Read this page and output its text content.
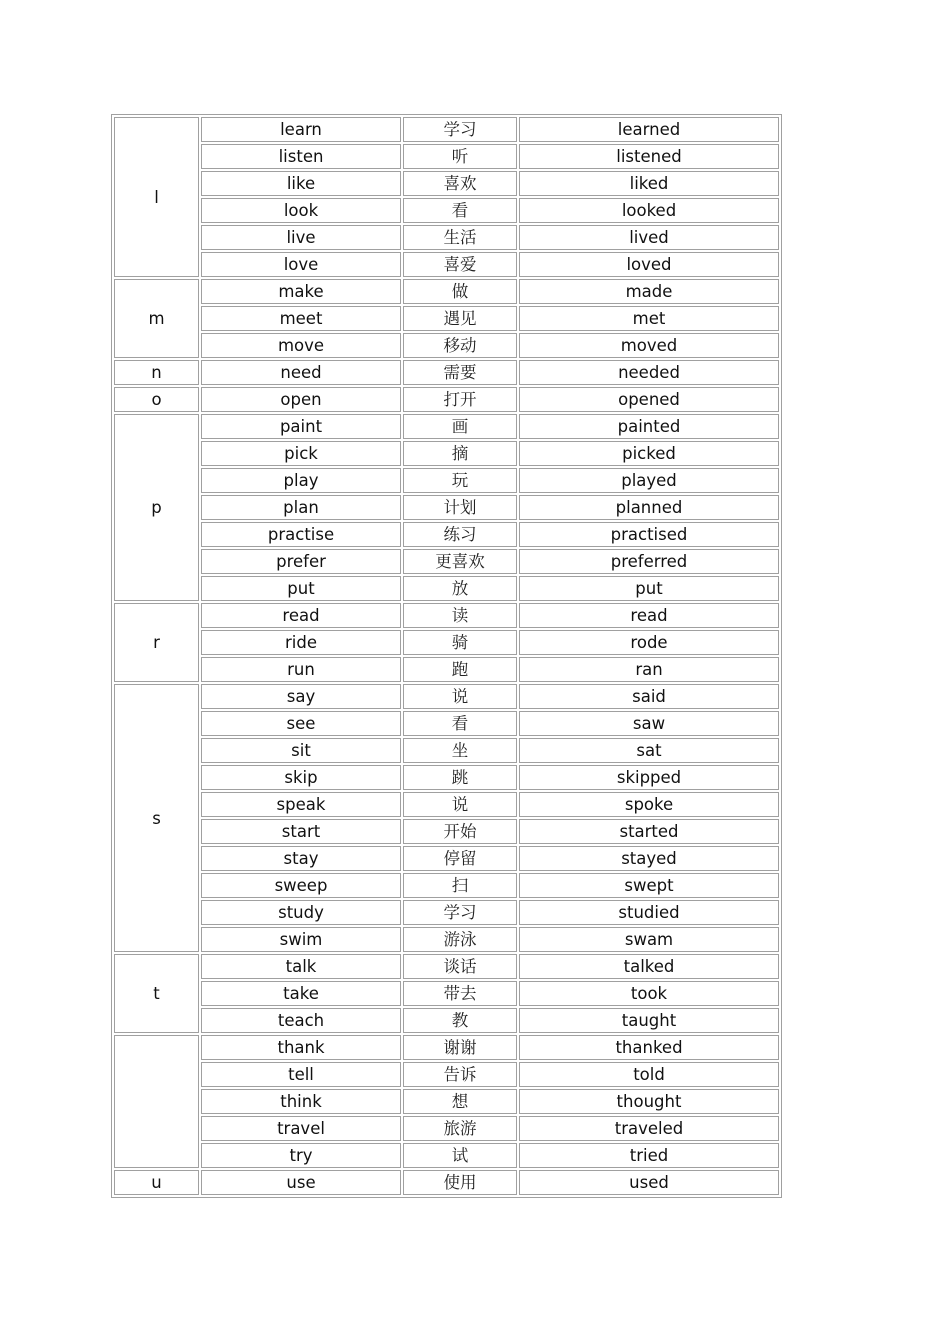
l	learn	学习	learned
	listen	听	listened
	like	喜欢	liked
	look	看	looked
	live	生活	lived
	love	喜爱	loved
m	make	做	made
	meet	遇见	met
	move	移动	moved
n	need	需要	needed
o	open	打开	opened
p	paint	画	painted
	pick	摘	picked
	play	玩	played
	plan	计划	planned
	practise	练习	practised
	prefer	更喜欢	preferred
	put	放	put
r	read	读	read
	ride	骑	rode
	run	跑	ran
s	say	说	said
	see	看	saw
	sit	坐	sat
	skip	跳	skipped
	speak	说	spoke
	start	开始	started
	stay	停留	stayed
	sweep	扫	swept
	study	学习	studied
	swim	游泳	swam
t	talk	谈话	talked
	take	带去	took
	teach	教	taught
	thank	谢谢	thanked
	tell	告诉	told
	think	想	thought
	travel	旅游	traveled
	try	试	tried
u	use	使用	used
